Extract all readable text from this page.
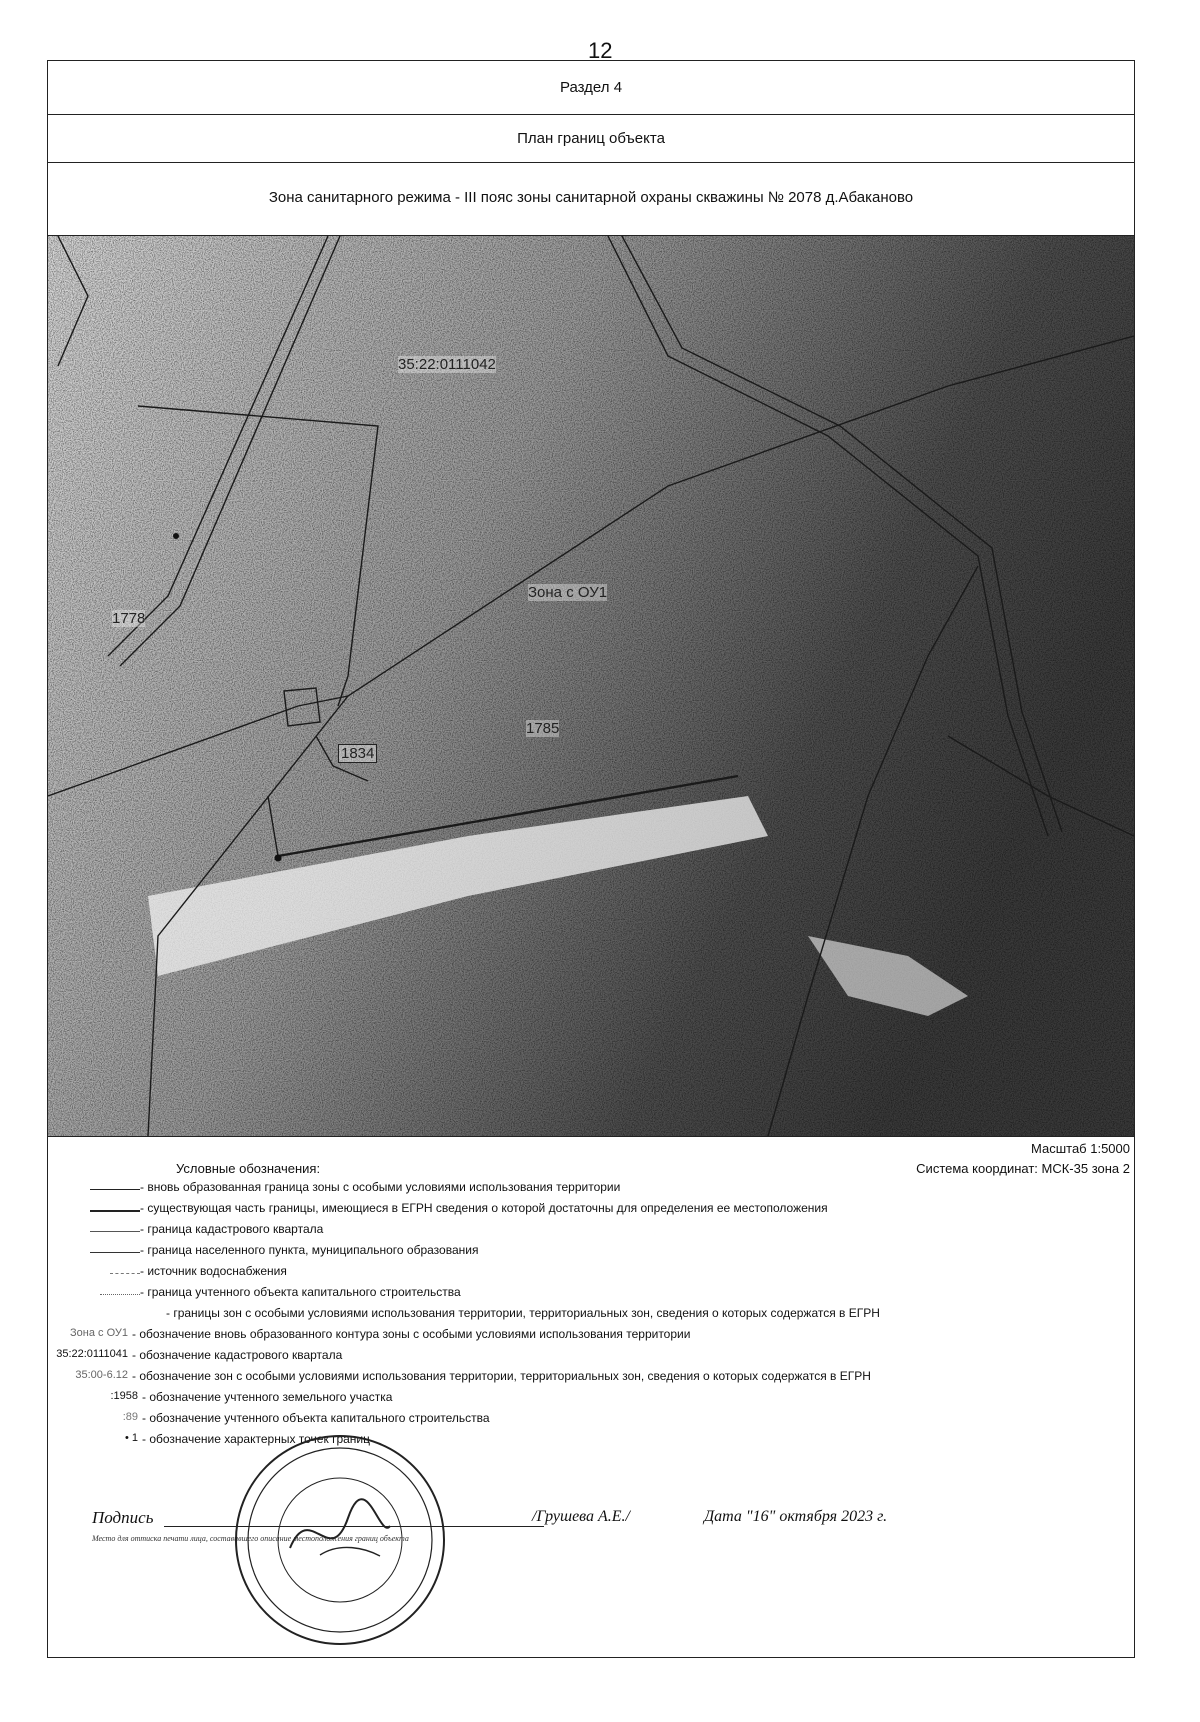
12
Раздел 4
План границ объекта
Зона санитарного режима - III пояс зоны санитарной охраны скважины № 2078 д.Абаканово
35:22:0111042
Зона с ОУ1
1778
1785
1834
Масштаб 1:5000
Система координат: МСК-35 зона 2
Условные обозначения:
- вновь образованная граница зоны с особыми условиями использования территории
- существующая часть границы, имеющиеся в ЕГРН сведения о которой достаточны для определения ее местоположения
- граница кадастрового квартала
- граница населенного пункта, муниципального образования
- источник водоснабжения
- граница учтенного объекта капитального строительства
- границы зон с особыми условиями использования территории, территориальных зон, сведения о которых содержатся в ЕГРН
Зона с ОУ1 - обозначение вновь образованного контура зоны с особыми условиями использования территории
35:22:0111041 - обозначение кадастрового квартала
35:00-6.12 - обозначение зон с особыми условиями использования территории, территориальных зон, сведения о которых содержатся в ЕГРН
:1958 - обозначение учтенного земельного участка
:89 - обозначение учтенного объекта капитального строительства
• 1 - обозначение характерных точек границ
Подпись	/Грушева А.Е./	Дата "16" октября 2023 г.
Место для оттиска печати лица, составившего описание местоположения границ объекта
